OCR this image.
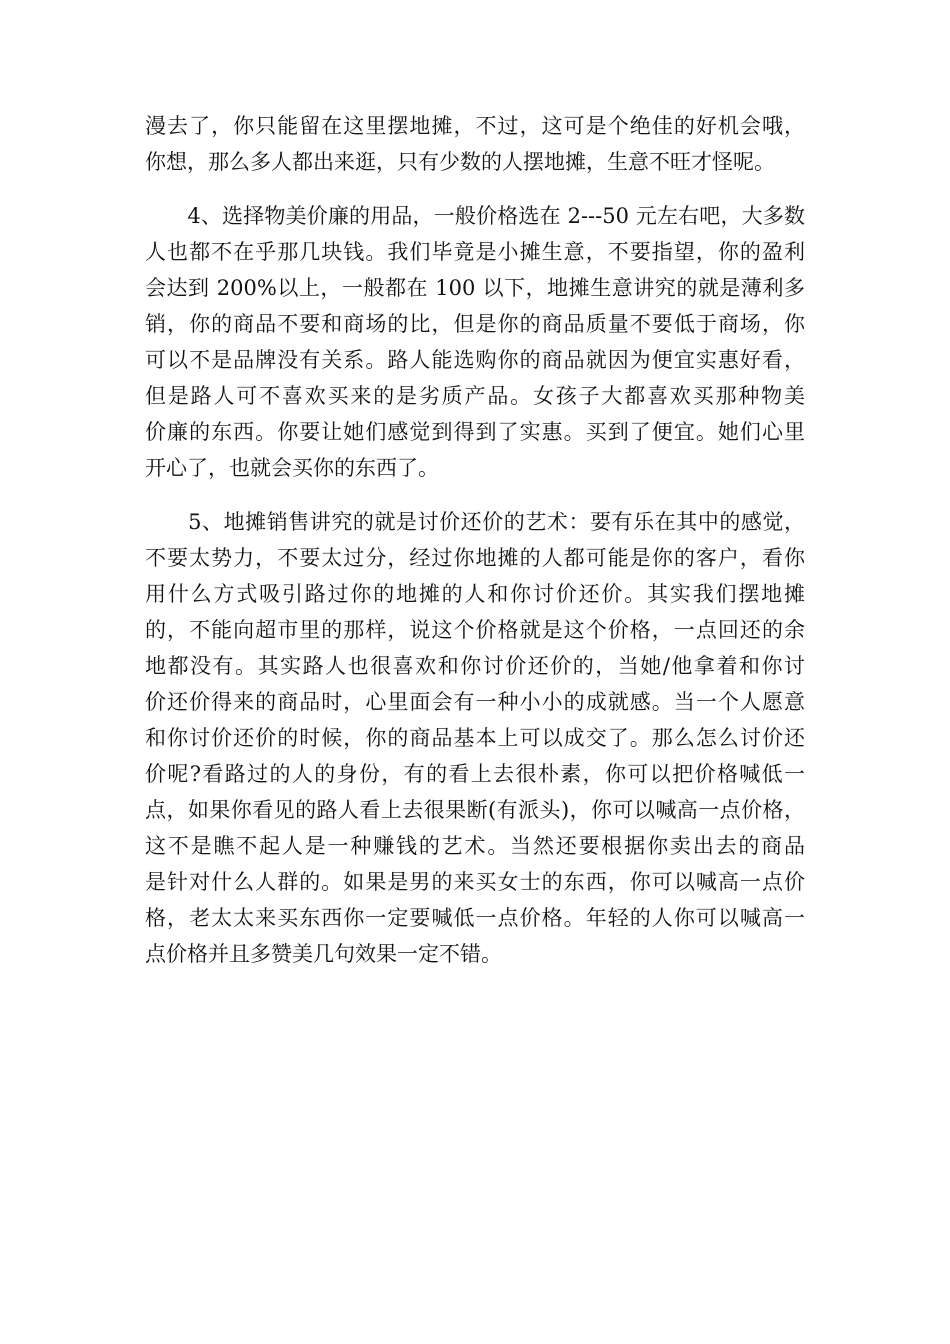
漫去了，你只能留在这里摆地摊，不过，这可是个绝佳的好机会哦，
你想，那么多人都出来逛，只有少数的人摆地摊，生意不旺才怪呢。
　　4、选择物美价廉的用品，一般价格选在 2---50 元左右吧，大多数
人也都不在乎那几块钱。我们毕竟是小摊生意，不要指望，你的盈利
会达到 200%以上，一般都在 100 以下，地摊生意讲究的就是薄利多
销，你的商品不要和商场的比，但是你的商品质量不要低于商场，你
可以不是品牌没有关系。路人能选购你的商品就因为便宜实惠好看，
但是路人可不喜欢买来的是劣质产品。女孩子大都喜欢买那种物美
价廉的东西。你要让她们感觉到得到了实惠。买到了便宜。她们心里
开心了，也就会买你的东西了。
　　5、地摊销售讲究的就是讨价还价的艺术：要有乐在其中的感觉，
不要太势力，不要太过分，经过你地摊的人都可能是你的客户，看你
用什么方式吸引路过你的地摊的人和你讨价还价。其实我们摆地摊
的，不能向超市里的那样，说这个价格就是这个价格，一点回还的余
地都没有。其实路人也很喜欢和你讨价还价的，当她/他拿着和你讨
价还价得来的商品时，心里面会有一种小小的成就感。当一个人愿意
和你讨价还价的时候，你的商品基本上可以成交了。那么怎么讨价还
价呢?看路过的人的身份，有的看上去很朴素，你可以把价格喊低一
点，如果你看见的路人看上去很果断(有派头)，你可以喊高一点价格，
这不是瞧不起人是一种赚钱的艺术。当然还要根据你卖出去的商品
是针对什么人群的。如果是男的来买女士的东西，你可以喊高一点价
格，老太太来买东西你一定要喊低一点价格。年轻的人你可以喊高一
点价格并且多赞美几句效果一定不错。
